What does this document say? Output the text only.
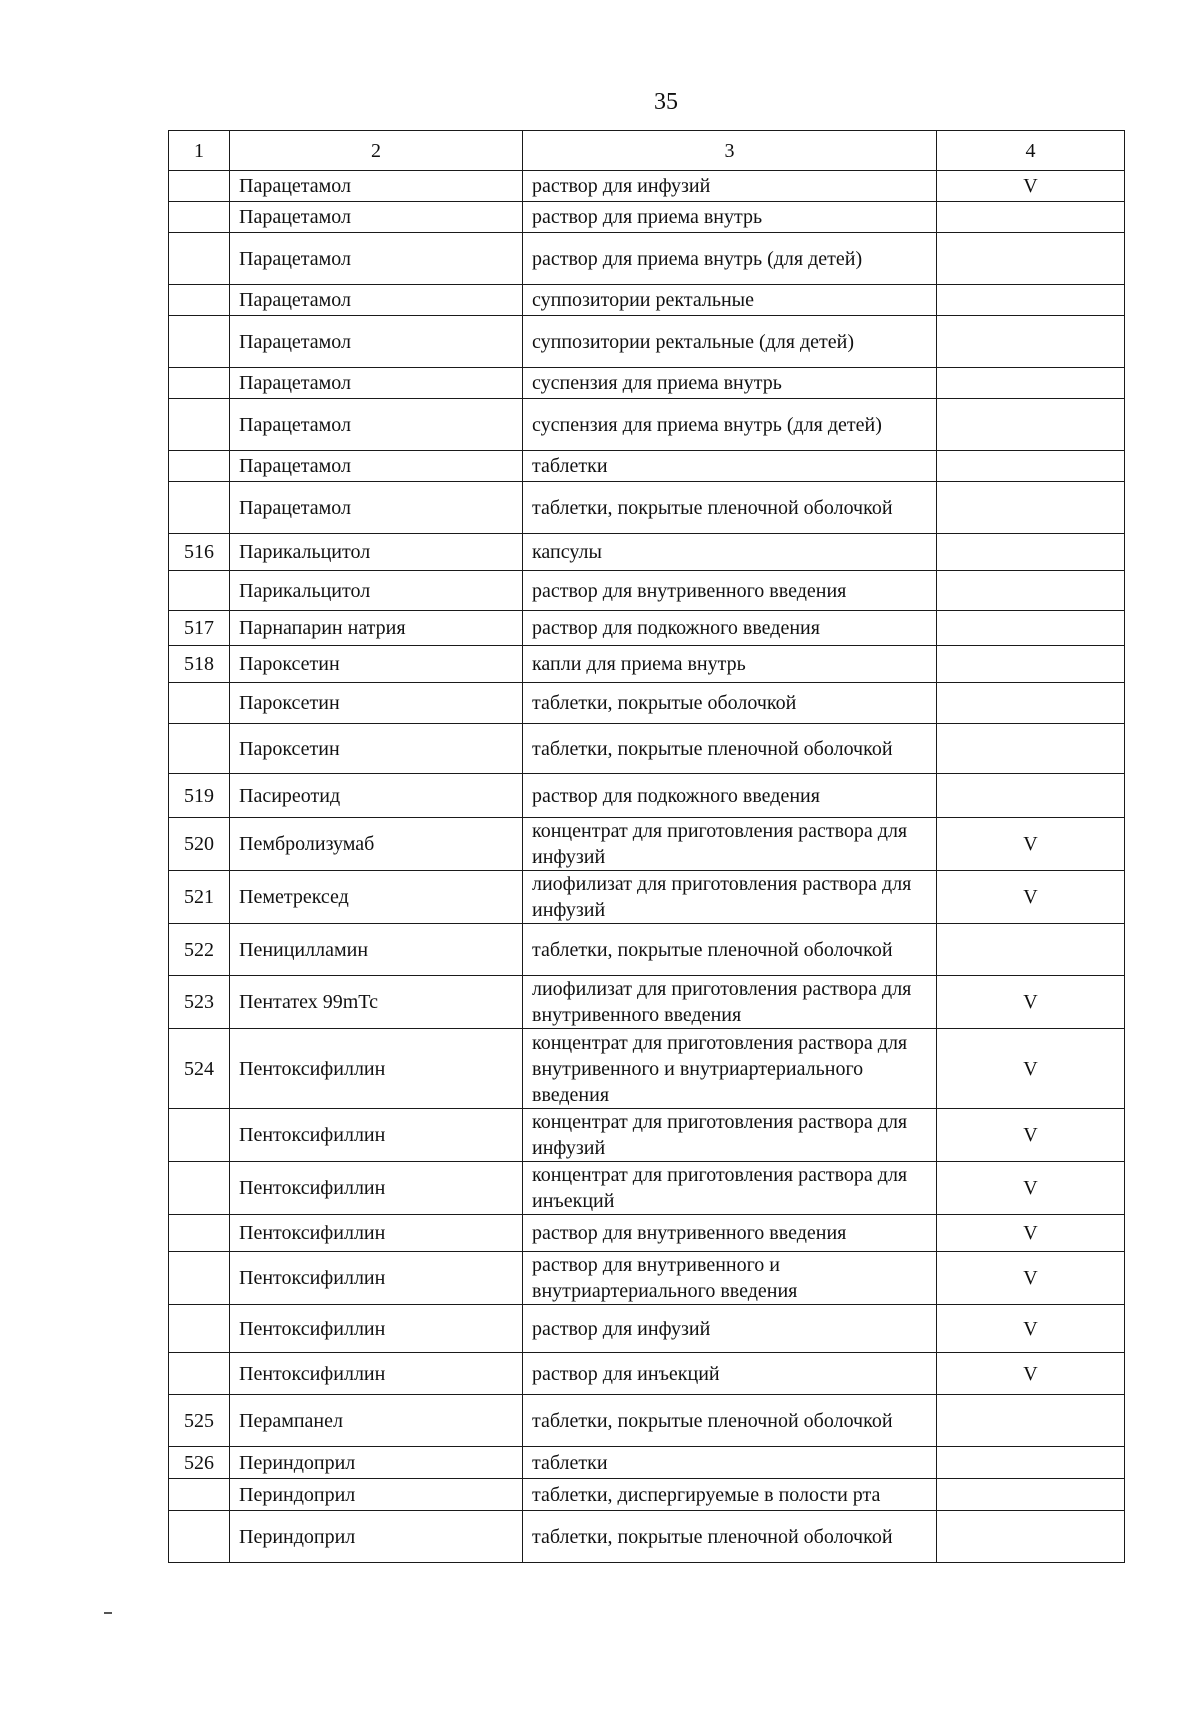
35
1	2	3	4
	Парацетамол	раствор для инфузий	V
	Парацетамол	раствор для приема внутрь	
	Парацетамол	раствор для приема внутрь (для детей)	
	Парацетамол	суппозитории ректальные	
	Парацетамол	суппозитории ректальные (для детей)	
	Парацетамол	суспензия для приема внутрь	
	Парацетамол	суспензия для приема внутрь (для детей)	
	Парацетамол	таблетки	
	Парацетамол	таблетки, покрытые пленочной оболочкой	
516	Парикальцитол	капсулы	
	Парикальцитол	раствор для внутривенного введения	
517	Парнапарин натрия	раствор для подкожного введения	
518	Пароксетин	капли для приема внутрь	
	Пароксетин	таблетки, покрытые оболочкой	
	Пароксетин	таблетки, покрытые пленочной оболочкой	
519	Пасиреотид	раствор для подкожного введения	
520	Пембролизумаб	концентрат для приготовления раствора для инфузий	V
521	Пеметрексед	лиофилизат для приготовления раствора для инфузий	V
522	Пеницилламин	таблетки, покрытые пленочной оболочкой	
523	Пентатех 99mTc	лиофилизат для приготовления раствора для внутривенного введения	V
524	Пентоксифиллин	концентрат для приготовления раствора для внутривенного и внутриартериального введения	V
	Пентоксифиллин	концентрат для приготовления раствора для инфузий	V
	Пентоксифиллин	концентрат для приготовления раствора для инъекций	V
	Пентоксифиллин	раствор для внутривенного введения	V
	Пентоксифиллин	раствор для внутривенного и внутриартериального введения	V
	Пентоксифиллин	раствор для инфузий	V
	Пентоксифиллин	раствор для инъекций	V
525	Перампанел	таблетки, покрытые пленочной оболочкой	
526	Периндоприл	таблетки	
	Периндоприл	таблетки, диспергируемые в полости рта	
	Периндоприл	таблетки, покрытые пленочной оболочкой	
